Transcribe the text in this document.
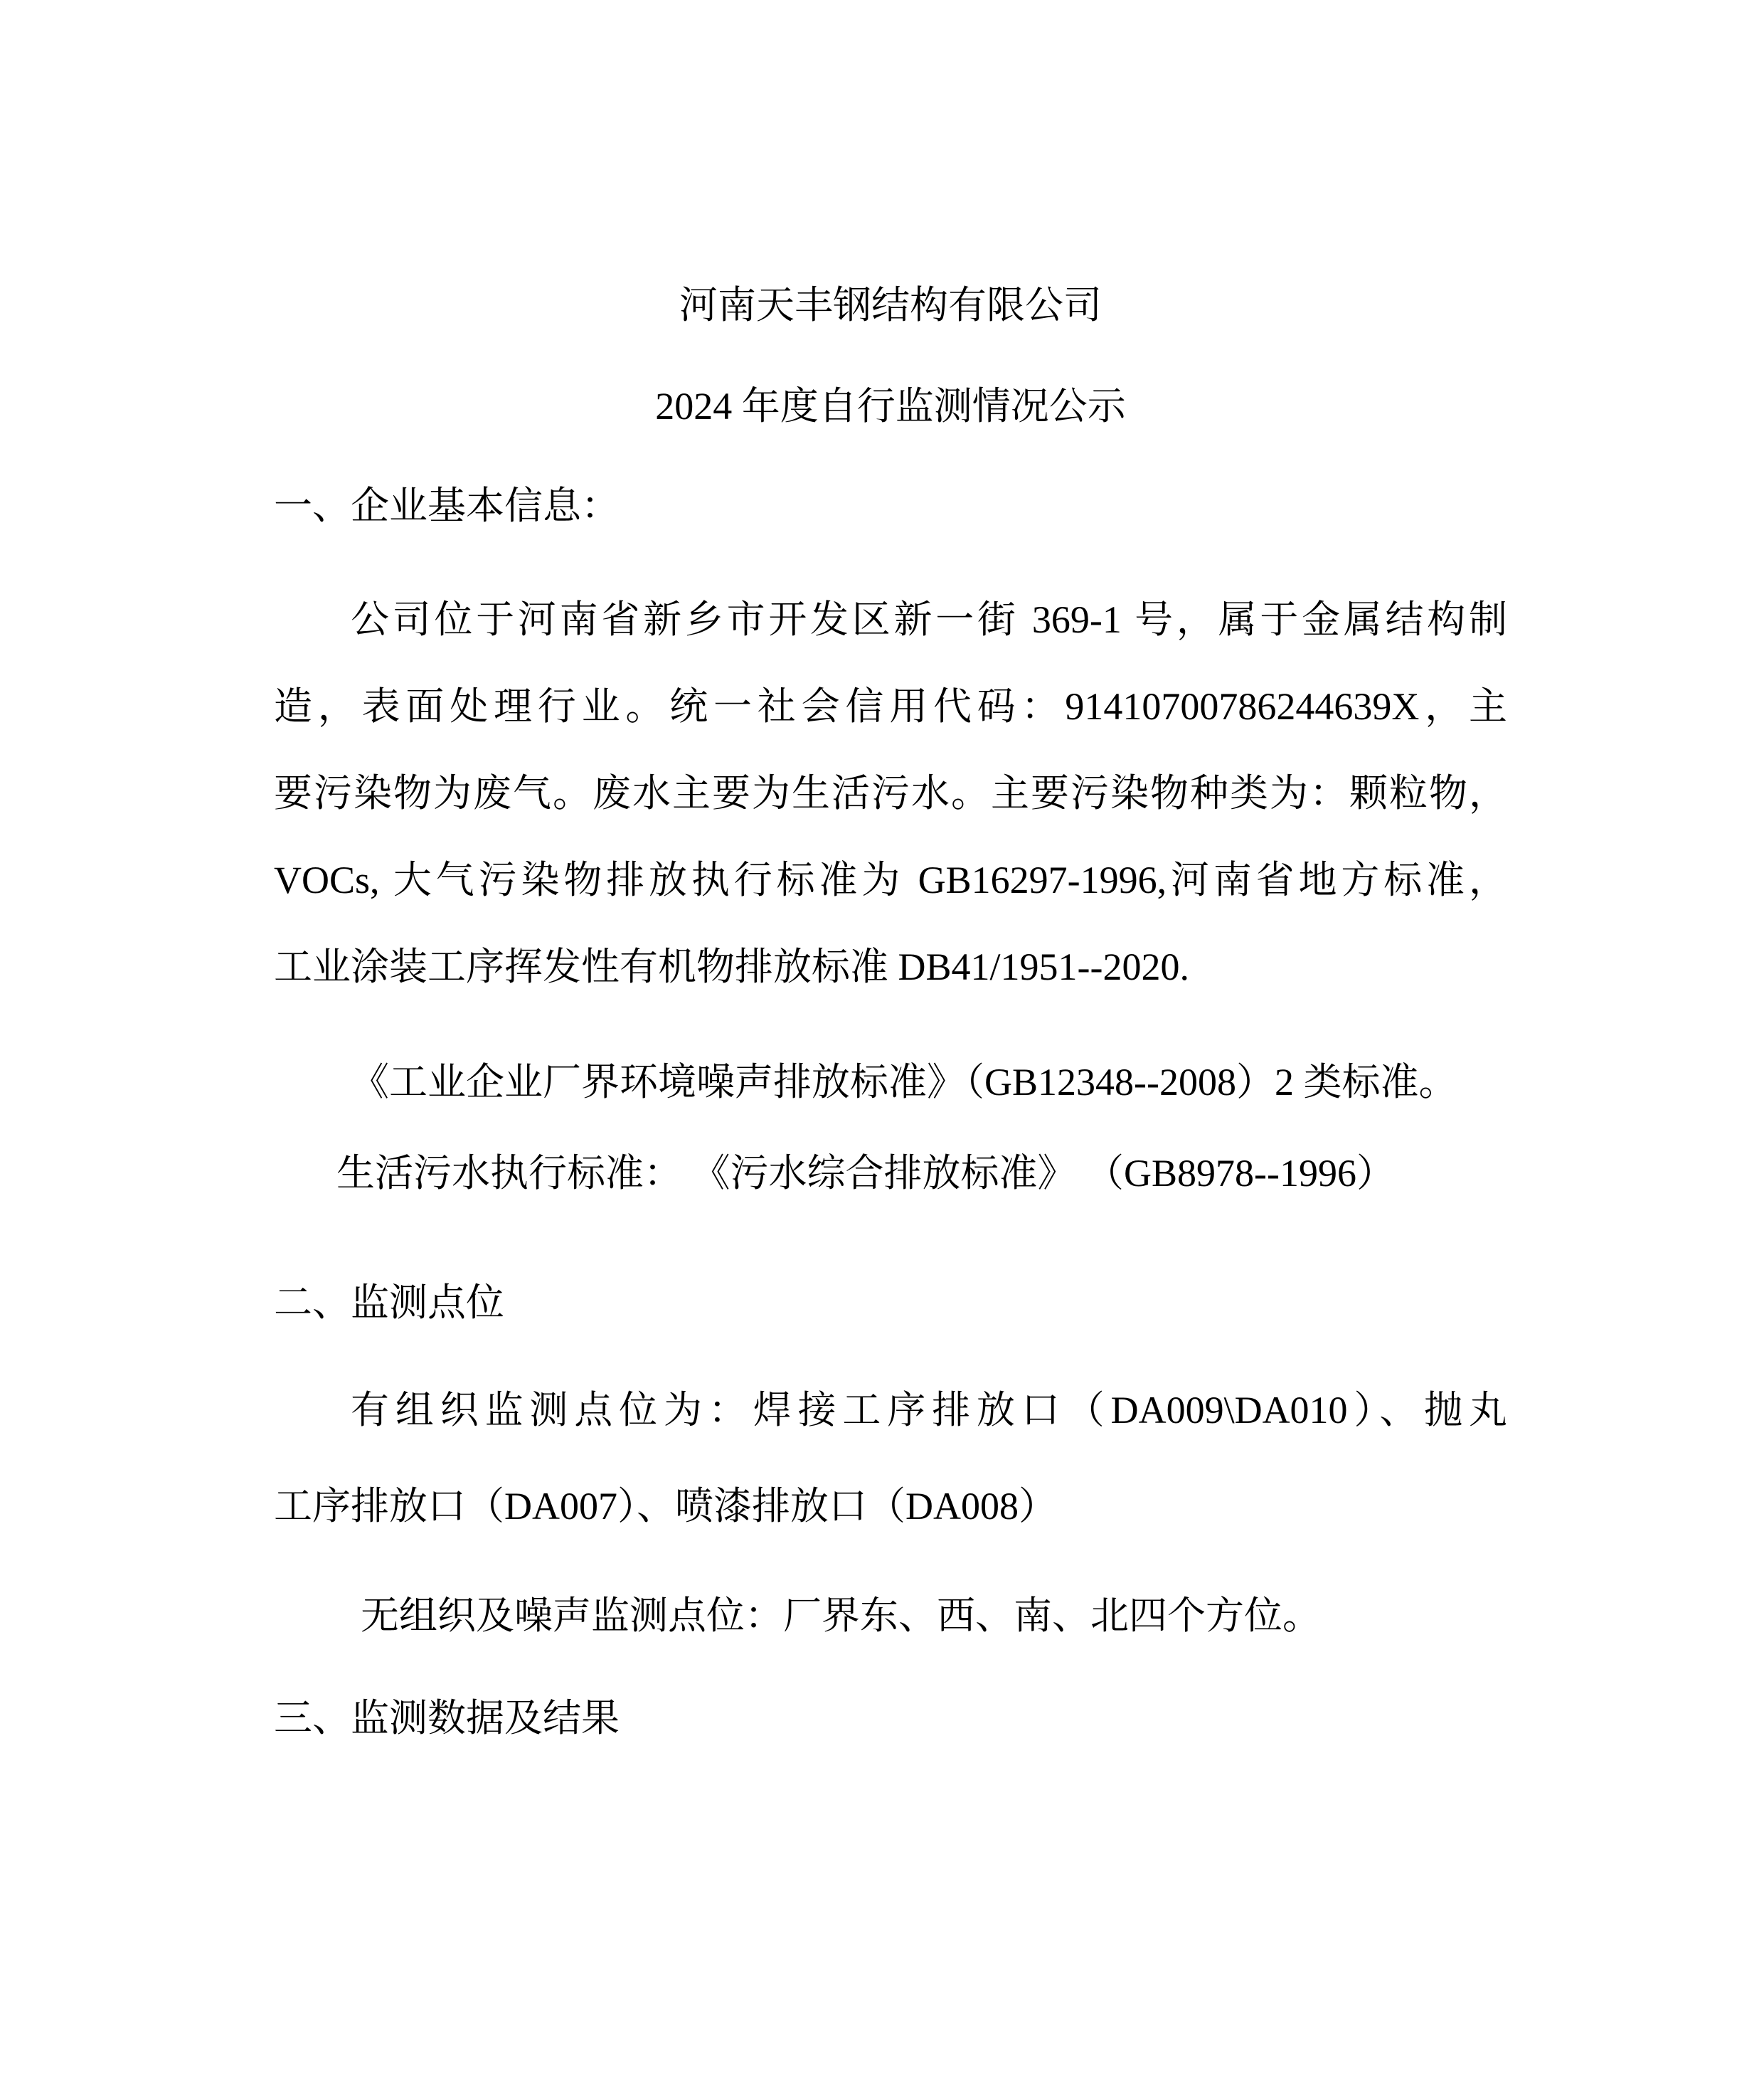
河南天丰钢结构有限公司
2024 年度自行监测情况公示
一、企业基本信息：
公司位于河南省新乡市开发区新一街 369-1 号，属于金属结构制
造，表面处理行业。统一社会信用代码：91410700786244639X，主
要污染物为废气。废水主要为生活污水。主要污染物种类为：颗粒物，
VOCs, 大气污染物排放执行标准为 GB16297-1996,河南省地方标准，
工业涂装工序挥发性有机物排放标准 DB41/1951--2020.
《工业企业厂界环境噪声排放标准》（GB12348--2008）2 类标准。
生活污水执行标准： 《污水综合排放标准》 （GB8978--1996）
二、监测点位
有组织监测点位为：焊接工序排放口（DA009\DA010）、抛丸
工序排放口（DA007）、喷漆排放口（DA008）
无组织及噪声监测点位：厂界东、西、南、北四个方位。
三、监测数据及结果
